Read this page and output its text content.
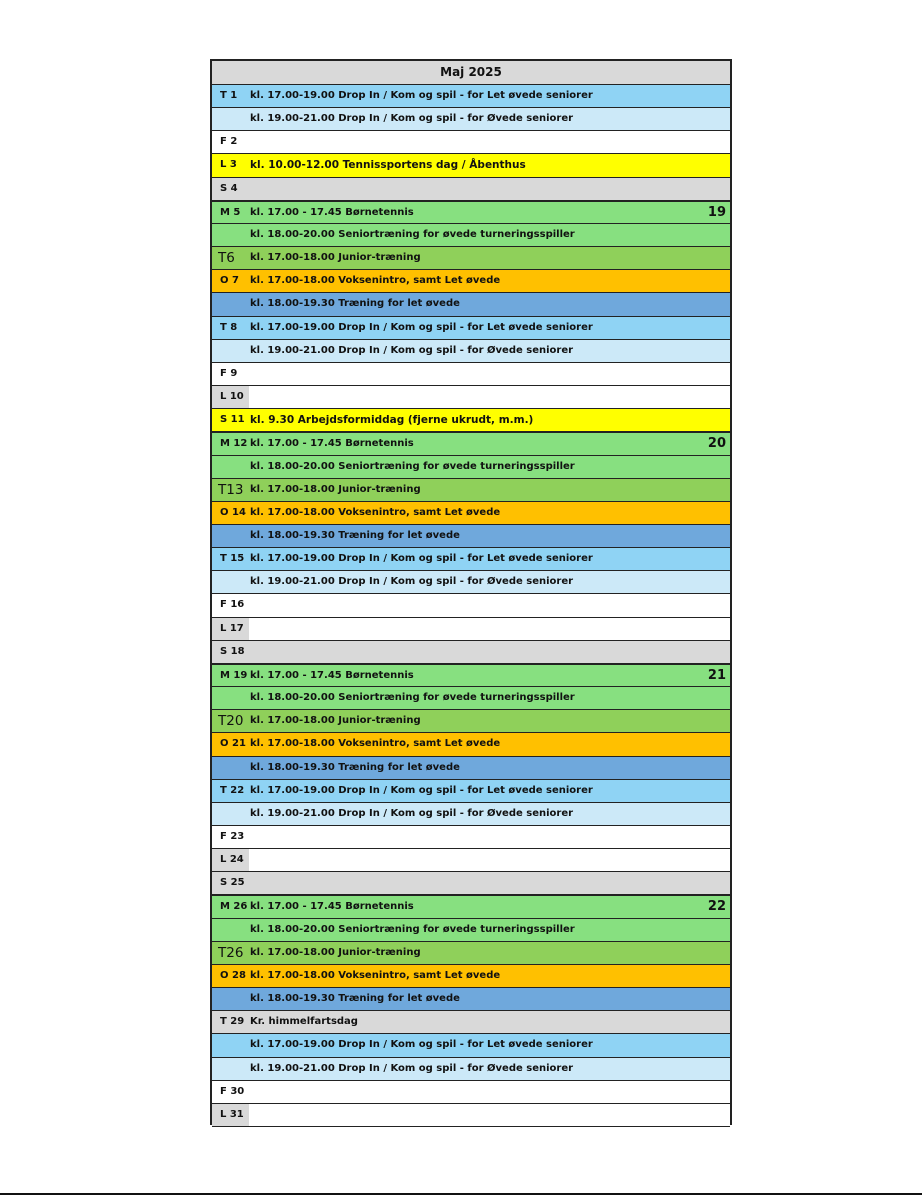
Maj 2025
T 1	kl. 17.00-19.00 Drop In / Kom og spil - for Let øvede seniorer
kl. 19.00-21.00 Drop In / Kom og spil - for Øvede seniorer
F 2
L 3	kl. 10.00-12.00 Tennissportens dag / Åbenthus
S 4
M 5 kl. 17.00 - 17.45 Børnetennis	19
kl. 18.00-20.00 Seniortræning for øvede turneringsspiller
T6	kl. 17.00-18.00 Junior-træning
O 7	kl. 17.00-18.00 Voksenintro, samt Let øvede
kl. 18.00-19.30 Træning for let øvede
T 8	kl. 17.00-19.00 Drop In / Kom og spil - for Let øvede seniorer
kl. 19.00-21.00 Drop In / Kom og spil - for Øvede seniorer
F 9
L 10
S 11 kl. 9.30 Arbejdsformiddag (fjerne ukrudt, m.m.)
M 12 kl. 17.00 - 17.45 Børnetennis	20
kl. 18.00-20.00 Seniortræning for øvede turneringsspiller
T13 kl. 17.00-18.00 Junior-træning
O 14 kl. 17.00-18.00 Voksenintro, samt Let øvede
kl. 18.00-19.30 Træning for let øvede
T 15 kl. 17.00-19.00 Drop In / Kom og spil - for Let øvede seniorer
kl. 19.00-21.00 Drop In / Kom og spil - for Øvede seniorer
F 16
L 17
S 18
M 19 kl. 17.00 - 17.45 Børnetennis	21
kl. 18.00-20.00 Seniortræning for øvede turneringsspiller
T20 kl. 17.00-18.00 Junior-træning
O 21 kl. 17.00-18.00 Voksenintro, samt Let øvede
kl. 18.00-19.30 Træning for let øvede
T 22 kl. 17.00-19.00 Drop In / Kom og spil - for Let øvede seniorer
kl. 19.00-21.00 Drop In / Kom og spil - for Øvede seniorer
F 23
L 24
S 25
M 26 kl. 17.00 - 17.45 Børnetennis	22
kl. 18.00-20.00 Seniortræning for øvede turneringsspiller
T26 kl. 17.00-18.00 Junior-træning
O 28 kl. 17.00-18.00 Voksenintro, samt Let øvede
kl. 18.00-19.30 Træning for let øvede
T 29 Kr. himmelfartsdag
kl. 17.00-19.00 Drop In / Kom og spil - for Let øvede seniorer
kl. 19.00-21.00 Drop In / Kom og spil - for Øvede seniorer
F 30
L 31
